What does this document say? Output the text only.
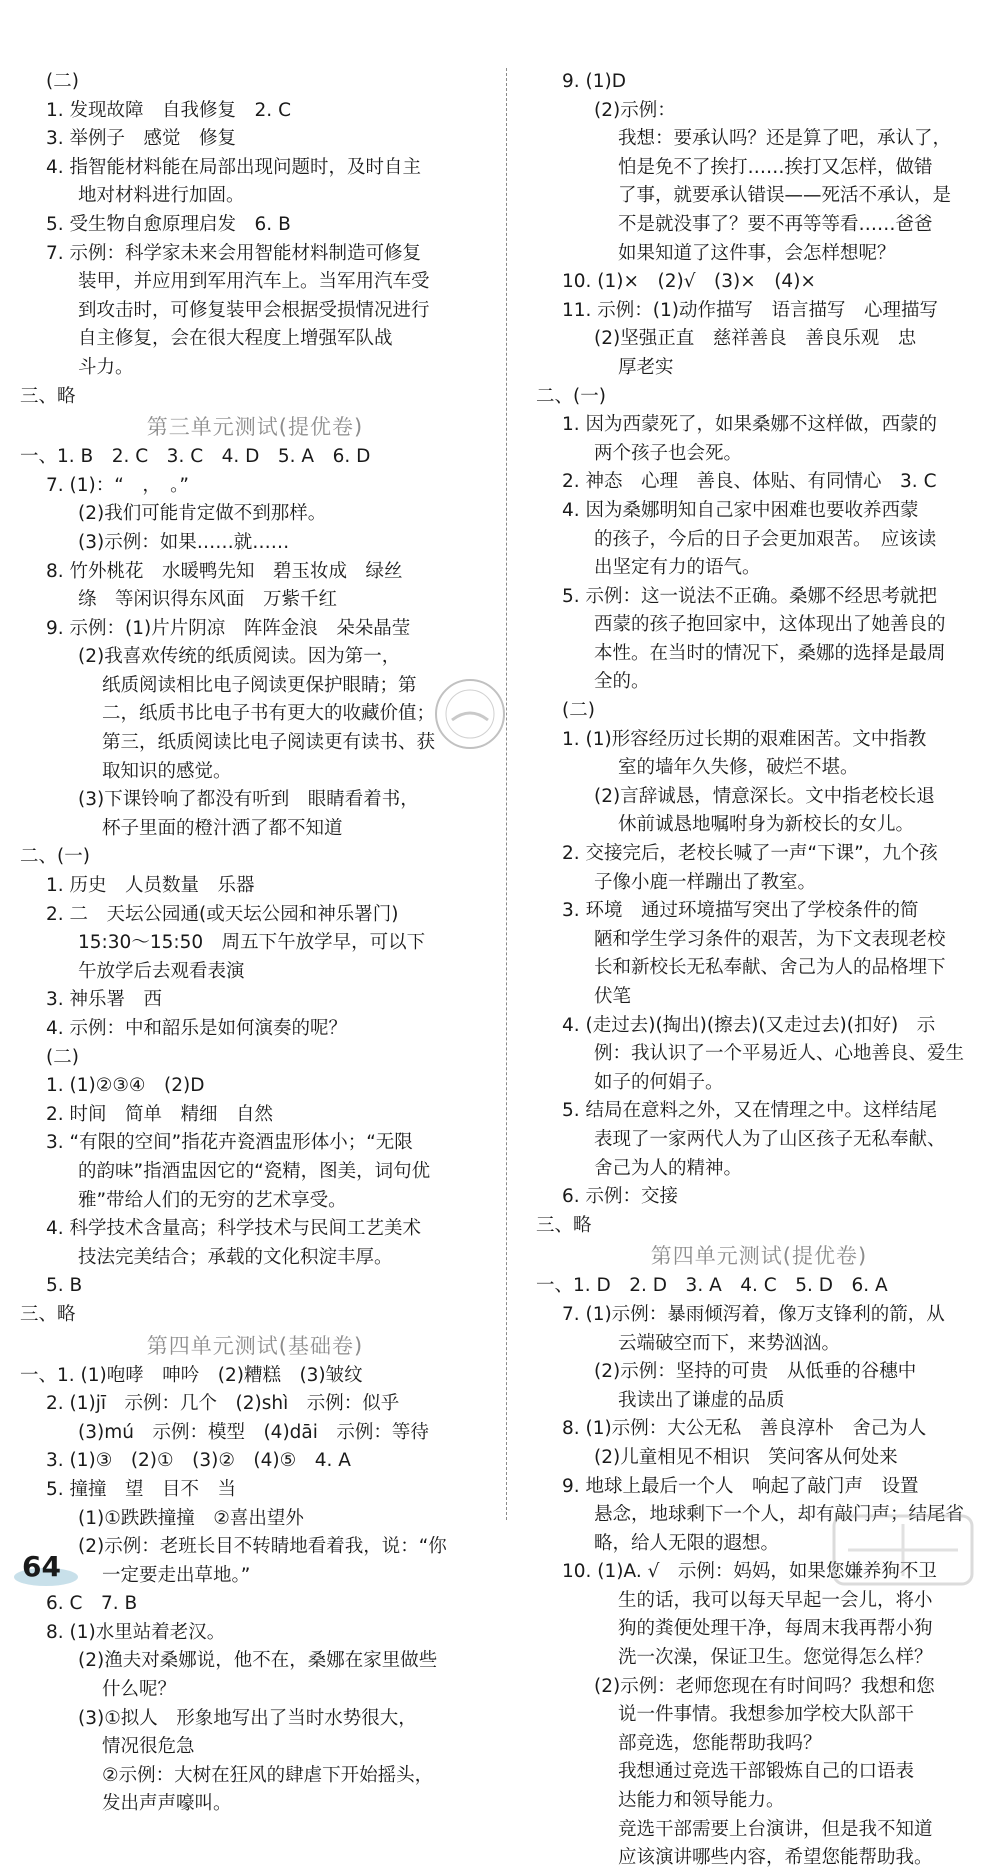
(二)
1. 发现故障　自我修复　2. C
3. 举例子　感觉　修复
4. 指智能材料能在局部出现问题时，及时自主
地对材料进行加固。
5. 受生物自愈原理启发　6. B
7. 示例：科学家未来会用智能材料制造可修复
装甲，并应用到军用汽车上。当军用汽车受
到攻击时，可修复装甲会根据受损情况进行
自主修复，会在很大程度上增强军队战
斗力。
三、略
第三单元测试(提优卷)
一、1. B　2. C　3. C　4. D　5. A　6. D
7. (1)：“　，　。”
(2)我们可能肯定做不到那样。
(3)示例：如果……就……
8. 竹外桃花　水暖鸭先知　碧玉妆成　绿丝
绦　等闲识得东风面　万紫千红
9. 示例：(1)片片阴凉　阵阵金浪　朵朵晶莹
(2)我喜欢传统的纸质阅读。因为第一，
纸质阅读相比电子阅读更保护眼睛；第
二，纸质书比电子书有更大的收藏价值；
第三，纸质阅读比电子阅读更有读书、获
取知识的感觉。
(3)下课铃响了都没有听到　眼睛看着书，
杯子里面的橙汁洒了都不知道
二、(一)
1. 历史　人员数量　乐器
2. 二　天坛公园通(或天坛公园和神乐署门)
15:30～15:50　周五下午放学早，可以下
午放学后去观看表演
3. 神乐署　西
4. 示例：中和韶乐是如何演奏的呢？
(二)
1. (1)②③④　(2)D
2. 时间　简单　精细　自然
3. “有限的空间”指花卉瓷酒盅形体小；“无限
的韵味”指酒盅因它的“瓷精，图美，词句优
雅”带给人们的无穷的艺术享受。
4. 科学技术含量高；科学技术与民间工艺美术
技法完美结合；承载的文化积淀丰厚。
5. B
三、略
第四单元测试(基础卷)
一、1. (1)咆哮　呻吟　(2)糟糕　(3)皱纹
2. (1)jī　示例：几个　(2)shì　示例：似乎
(3)mú　示例：模型　(4)dāi　示例：等待
3. (1)③　(2)①　(3)②　(4)⑤　4. A
5. 撞撞　望　目不　当
(1)①跌跌撞撞　②喜出望外
(2)示例：老班长目不转睛地看着我，说：“你
一定要走出草地。”
6. C　7. B
8. (1)水里站着老汉。
(2)渔夫对桑娜说，他不在，桑娜在家里做些
什么呢？
(3)①拟人　形象地写出了当时水势很大，
情况很危急
②示例：大树在狂风的肆虐下开始摇头，
发出声声嚎叫。
9. (1)D
(2)示例：
我想：要承认吗？还是算了吧，承认了，
怕是免不了挨打……挨打又怎样，做错
了事，就要承认错误——死活不承认，是
不是就没事了？要不再等等看……爸爸
如果知道了这件事，会怎样想呢？
10. (1)×　(2)√　(3)×　(4)×
11. 示例：(1)动作描写　语言描写　心理描写
(2)坚强正直　慈祥善良　善良乐观　忠
厚老实
二、(一)
1. 因为西蒙死了，如果桑娜不这样做，西蒙的
两个孩子也会死。
2. 神态　心理　善良、体贴、有同情心　3. C
4. 因为桑娜明知自己家中困难也要收养西蒙
的孩子，今后的日子会更加艰苦。　应该读
出坚定有力的语气。
5. 示例：这一说法不正确。桑娜不经思考就把
西蒙的孩子抱回家中，这体现出了她善良的
本性。在当时的情况下，桑娜的选择是最周
全的。
(二)
1. (1)形容经历过长期的艰难困苦。文中指教
室的墙年久失修，破烂不堪。
(2)言辞诚恳，情意深长。文中指老校长退
休前诚恳地嘱咐身为新校长的女儿。
2. 交接完后，老校长喊了一声“下课”，九个孩
子像小鹿一样蹦出了教室。
3. 环境　通过环境描写突出了学校条件的简
陋和学生学习条件的艰苦，为下文表现老校
长和新校长无私奉献、舍己为人的品格埋下
伏笔
4. (走过去)(掏出)(擦去)(又走过去)(扣好)　示
例：我认识了一个平易近人、心地善良、爱生
如子的何娟子。
5. 结局在意料之外，又在情理之中。这样结尾
表现了一家两代人为了山区孩子无私奉献、
舍己为人的精神。
6. 示例：交接
三、略
第四单元测试(提优卷)
一、1. D　2. D　3. A　4. C　5. D　6. A
7. (1)示例：暴雨倾泻着，像万支锋利的箭，从
云端破空而下，来势汹汹。
(2)示例：坚持的可贵　从低垂的谷穗中
我读出了谦虚的品质
8. (1)示例：大公无私　善良淳朴　舍己为人
(2)儿童相见不相识　笑问客从何处来
9. 地球上最后一个人　响起了敲门声　设置
悬念，地球剩下一个人，却有敲门声；结尾省
略，给人无限的遐想。
10. (1)A. √　示例：妈妈，如果您嫌养狗不卫
生的话，我可以每天早起一会儿，将小
狗的粪便处理干净，每周末我再帮小狗
洗一次澡，保证卫生。您觉得怎么样？
(2)示例：老师您现在有时间吗？我想和您
说一件事情。我想参加学校大队部干
部竞选，您能帮助我吗？
我想通过竞选干部锻炼自己的口语表
达能力和领导能力。
竞选干部需要上台演讲，但是我不知道
应该演讲哪些内容，希望您能帮助我。
64
